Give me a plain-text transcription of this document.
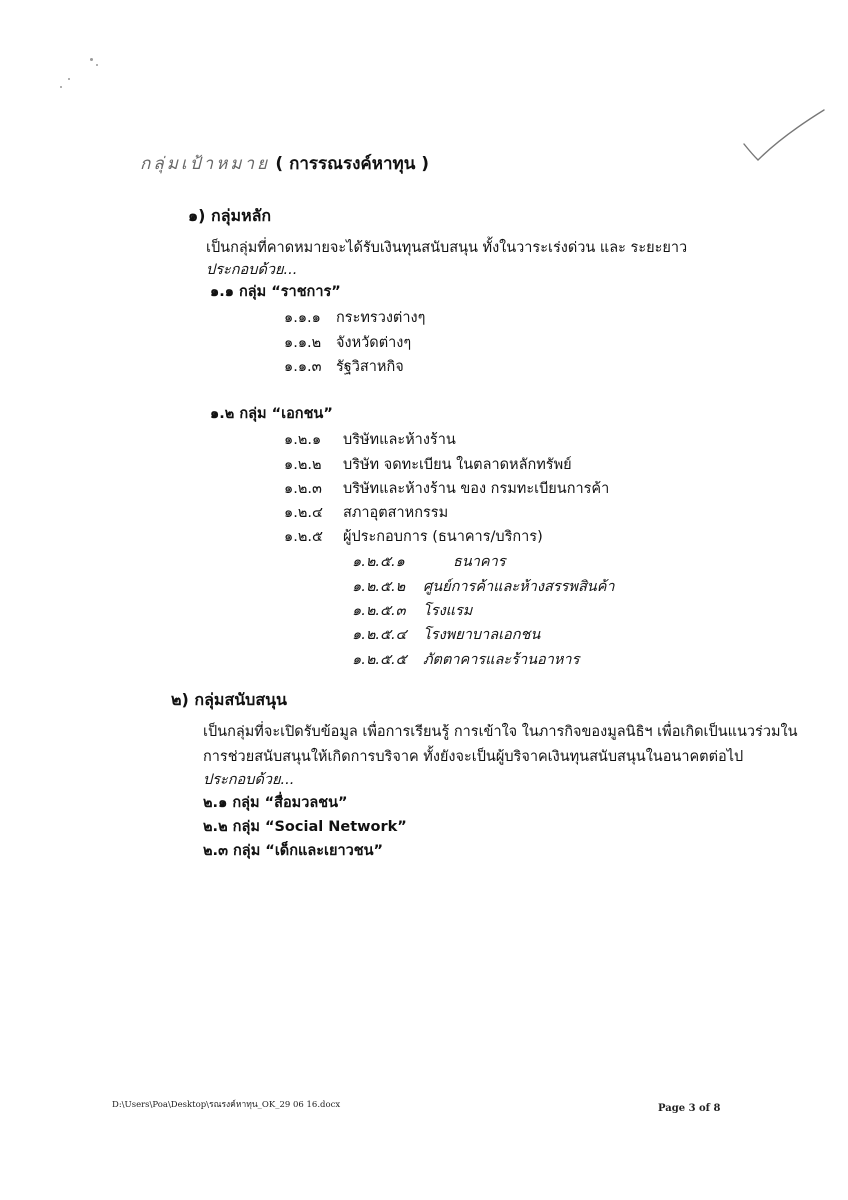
กลุ่มเป้าหมาย ( การรณรงค์หาทุน )
๑) กลุ่มหลัก
เป็นกลุ่มที่คาดหมายจะได้รับเงินทุนสนับสนุน ทั้งในวาระเร่งด่วน และ ระยะยาว
ประกอบด้วย...
๑.๑ กลุ่ม “ราชการ”
๑.๑.๑ กระทรวงต่างๆ
๑.๑.๒ จังหวัดต่างๆ
๑.๑.๓ รัฐวิสาหกิจ
๑.๒ กลุ่ม “เอกชน”
๑.๒.๑ บริษัทและห้างร้าน
๑.๒.๒ บริษัท จดทะเบียน ในตลาดหลักทรัพย์
๑.๒.๓ บริษัทและห้างร้าน ของ กรมทะเบียนการค้า
๑.๒.๔ สภาอุตสาหกรรม
๑.๒.๕ ผู้ประกอบการ (ธนาคาร/บริการ)
๑.๒.๕.๑	ธนาคาร
๑.๒.๕.๒ ศูนย์การค้าและห้างสรรพสินค้า
๑.๒.๕.๓ โรงแรม
๑.๒.๕.๔ โรงพยาบาลเอกชน
๑.๒.๕.๕ ภัตตาคารและร้านอาหาร
๒) กลุ่มสนับสนุน
เป็นกลุ่มที่จะเปิดรับข้อมูล เพื่อการเรียนรู้ การเข้าใจ ในภารกิจของมูลนิธิฯ เพื่อเกิดเป็นแนวร่วมใน
การช่วยสนับสนุนให้เกิดการบริจาค ทั้งยังจะเป็นผู้บริจาคเงินทุนสนับสนุนในอนาคตต่อไป
ประกอบด้วย...
๒.๑ กลุ่ม “สื่อมวลชน”
๒.๒ กลุ่ม “Social Network”
๒.๓ กลุ่ม “เด็กและเยาวชน”
D:\Users\Poa\Desktop\รณรงค์หาทุน_OK_29 06 16.docx	Page 3 of 8
